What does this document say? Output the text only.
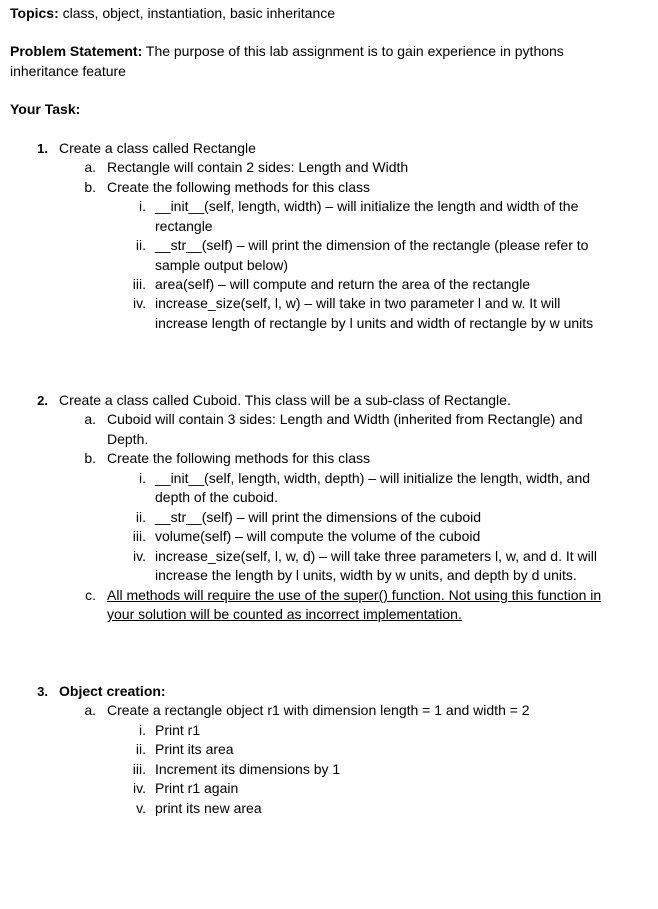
Topics: class, object, instantiation, basic inheritance
Problem Statement: The purpose of this lab assignment is to gain experience in pythons
inheritance feature
Your Task:
1. Create a class called Rectangle
a. Rectangle will contain 2 sides: Length and Width
b. Create the following methods for this class
i. __init__(self, length, width) – will initialize the length and width of the
rectangle
ii. __str__(self) – will print the dimension of the rectangle (please refer to
sample output below)
iii. area(self) – will compute and return the area of the rectangle
iv. increase_size(self, l, w) – will take in two parameter l and w. It will
increase length of rectangle by l units and width of rectangle by w units
2. Create a class called Cuboid. This class will be a sub-class of Rectangle.
a. Cuboid will contain 3 sides: Length and Width (inherited from Rectangle) and
Depth.
b. Create the following methods for this class
i. __init__(self, length, width, depth) – will initialize the length, width, and
depth of the cuboid.
ii. __str__(self) – will print the dimensions of the cuboid
iii. volume(self) – will compute the volume of the cuboid
iv. increase_size(self, l, w, d) – will take three parameters l, w, and d. It will
increase the length by l units, width by w units, and depth by d units.
c. All methods will require the use of the super() function. Not using this function in
your solution will be counted as incorrect implementation.
3. Object creation:
a. Create a rectangle object r1 with dimension length = 1 and width = 2
i. Print r1
ii. Print its area
iii. Increment its dimensions by 1
iv. Print r1 again
v. print its new area
